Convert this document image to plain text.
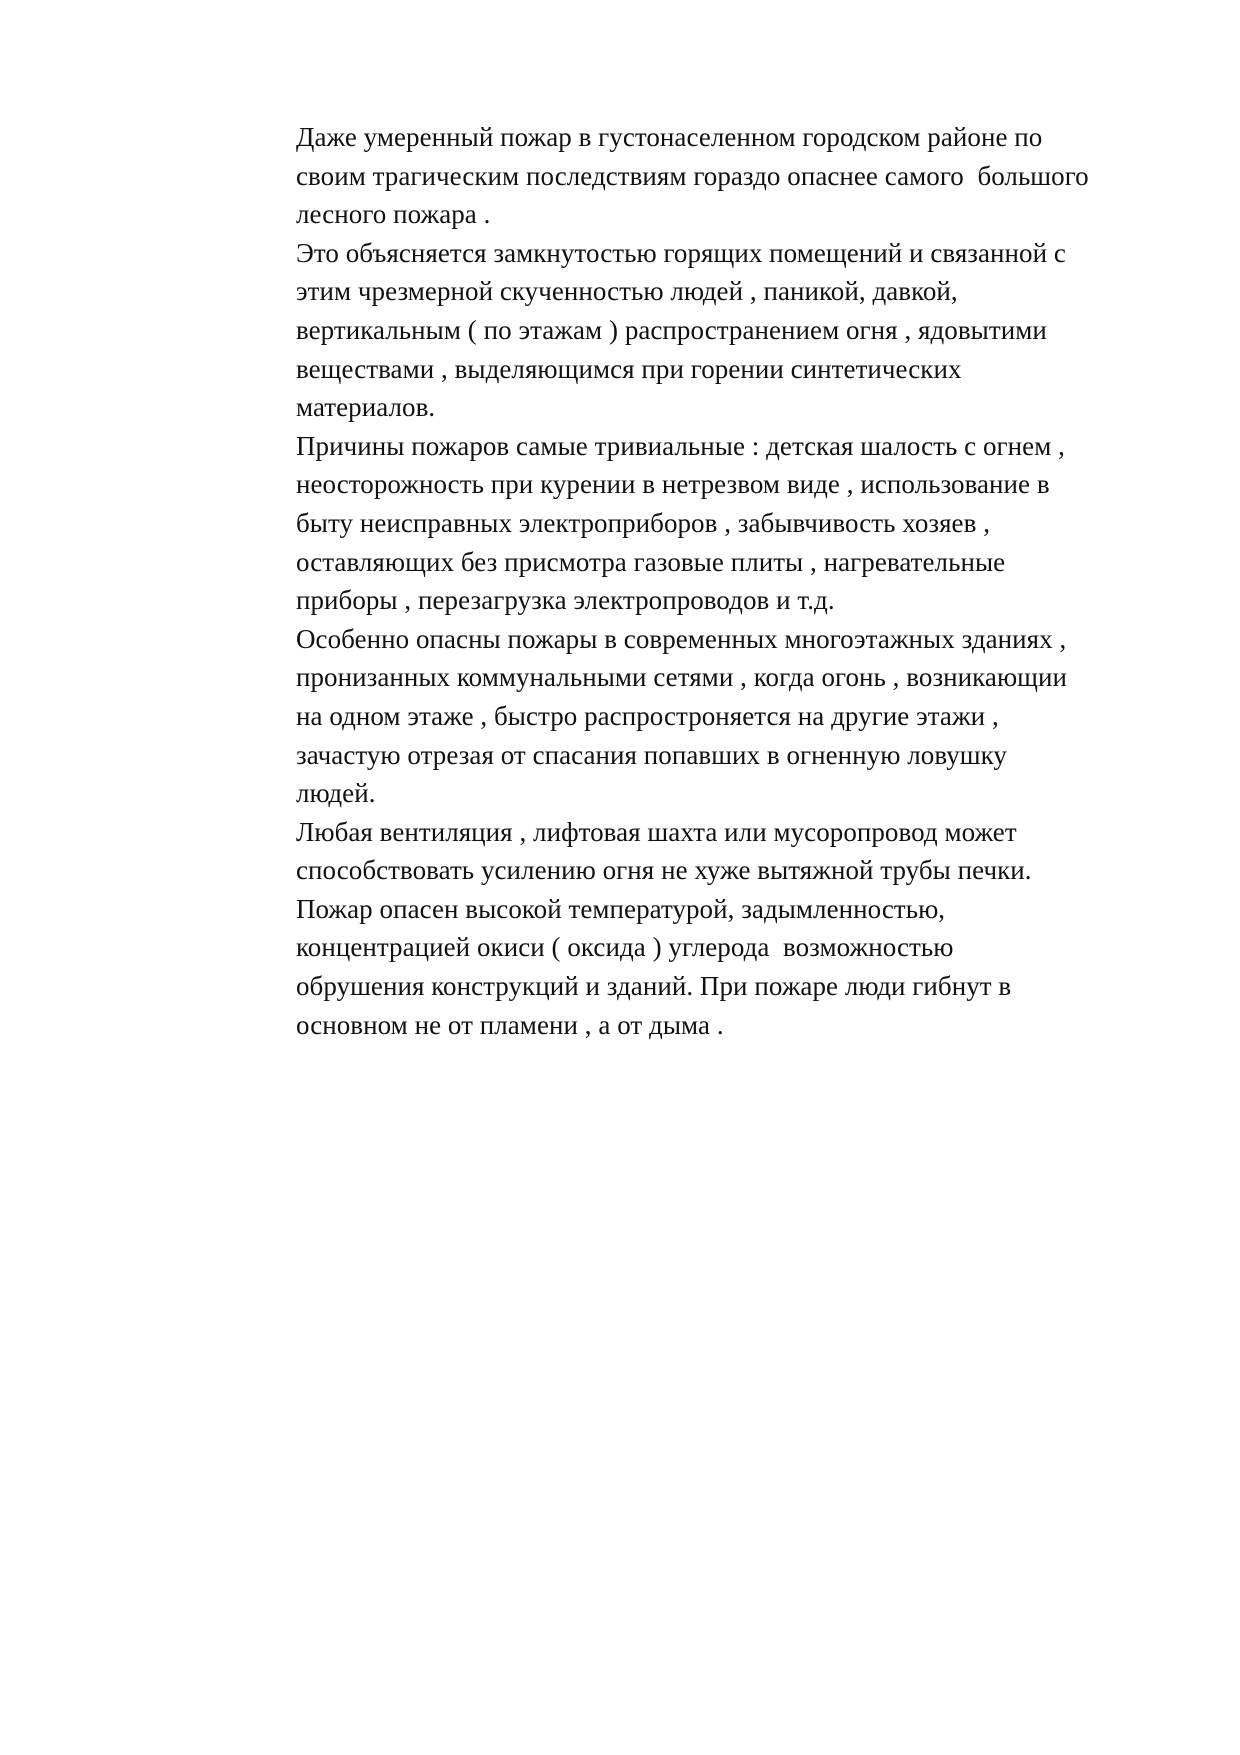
Даже умеренный пожар в густонаселенном городском районе по
своим трагическим последствиям гораздо опаснее самого  большого
лесного пожара .
Это объясняется замкнутостью горящих помещений и связанной с
этим чрезмерной скученностью людей , паникой, давкой,
вертикальным ( по этажам ) распространением огня , ядовытими
веществами , выделяющимся при горении синтетических
материалов.
Причины пожаров самые тривиальные : детская шалость с огнем ,
неосторожность при курении в нетрезвом виде , использование в
быту неисправных электроприборов , забывчивость хозяев ,
оставляющих без присмотра газовые плиты , нагревательные
приборы , перезагрузка электропроводов и т.д.
Особенно опасны пожары в современных многоэтажных зданиях ,
пронизанных коммунальными сетями , когда огонь , возникающии
на одном этаже , быстро распростроняется на другие этажи ,
зачастую отрезая от спасания попавших в огненную ловушку
людей.
Любая вентиляция , лифтовая шахта или мусоропровод может
способствовать усилению огня не хуже вытяжной трубы печки.
Пожар опасен высокой температурой, задымленностью,
концентрацией окиси ( оксида ) углерода  возможностью
обрушения конструкций и зданий. При пожаре люди гибнут в
основном не от пламени , а от дыма .
